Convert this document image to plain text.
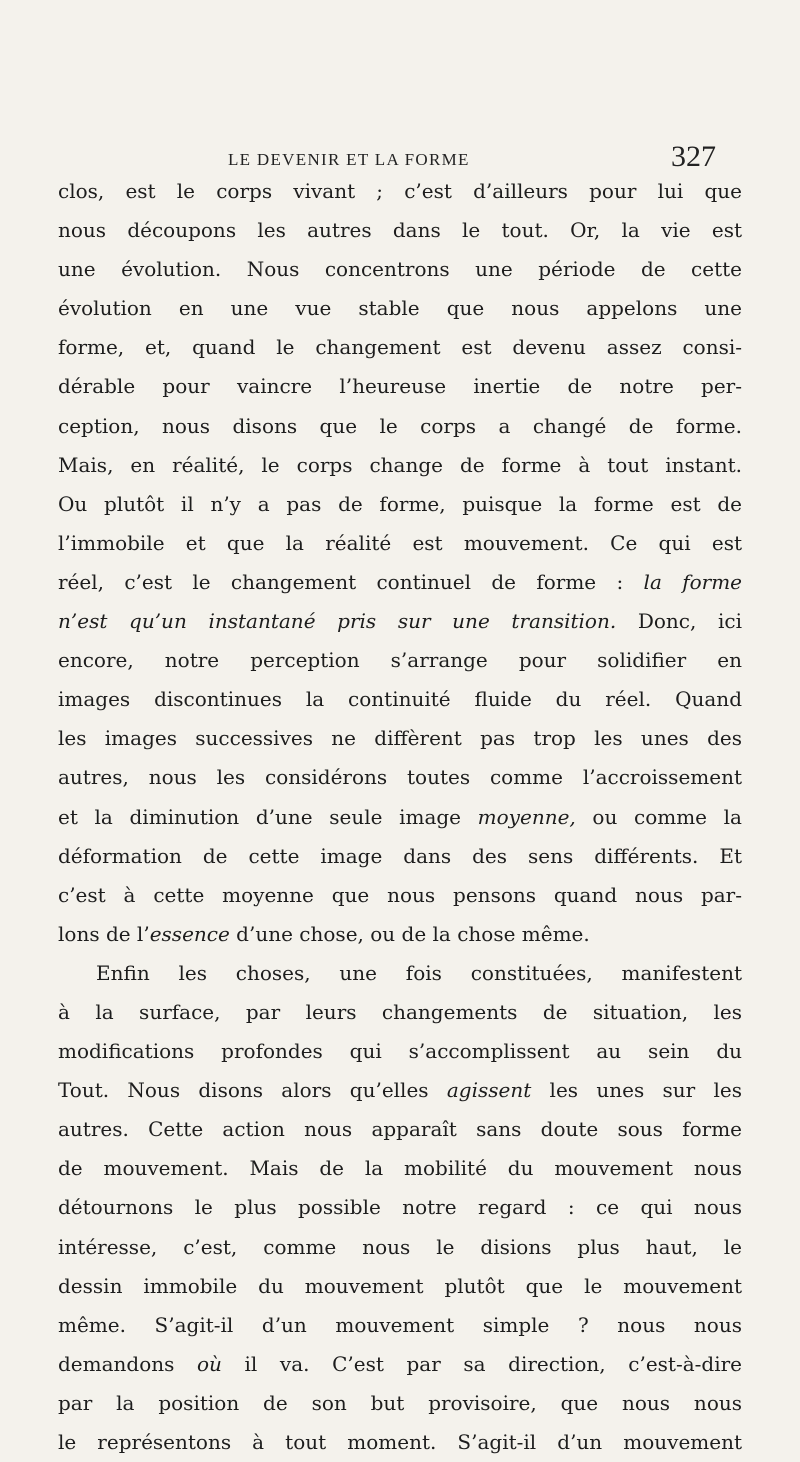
LE DEVENIR ET LA FORME	327
clos, est le corps vivant ; c’est d’ailleurs pour lui que
nous découpons les autres dans le tout. Or, la vie est
une évolution. Nous concentrons une période de cette
évolution en une vue stable que nous appelons une
forme, et, quand le changement est devenu assez consi-
dérable pour vaincre l’heureuse inertie de notre per-
ception, nous disons que le corps a changé de forme.
Mais, en réalité, le corps change de forme à tout instant.
Ou plutôt il n’y a pas de forme, puisque la forme est de
l’immobile et que la réalité est mouvement. Ce qui est
réel, c’est le changement continuel de forme : la forme
n’est qu’un instantané pris sur une transition. Donc, ici
encore, notre perception s’arrange pour solidifier en
images discontinues la continuité fluide du réel. Quand
les images successives ne diffèrent pas trop les unes des
autres, nous les considérons toutes comme l’accroissement
et la diminution d’une seule image moyenne, ou comme la
déformation de cette image dans des sens différents. Et
c’est à cette moyenne que nous pensons quand nous par-
lons de l’essence d’une chose, ou de la chose même.
Enfin les choses, une fois constituées, manifestent
à la surface, par leurs changements de situation, les
modifications profondes qui s’accomplissent au sein du
Tout. Nous disons alors qu’elles agissent les unes sur les
autres. Cette action nous apparaît sans doute sous forme
de mouvement. Mais de la mobilité du mouvement nous
détournons le plus possible notre regard : ce qui nous
intéresse, c’est, comme nous le disions plus haut, le
dessin immobile du mouvement plutôt que le mouvement
même. S’agit-il d’un mouvement simple ? nous nous
demandons où il va. C’est par sa direction, c’est-à-dire
par la position de son but provisoire, que nous nous
le représentons à tout moment. S’agit-il d’un mouvement
